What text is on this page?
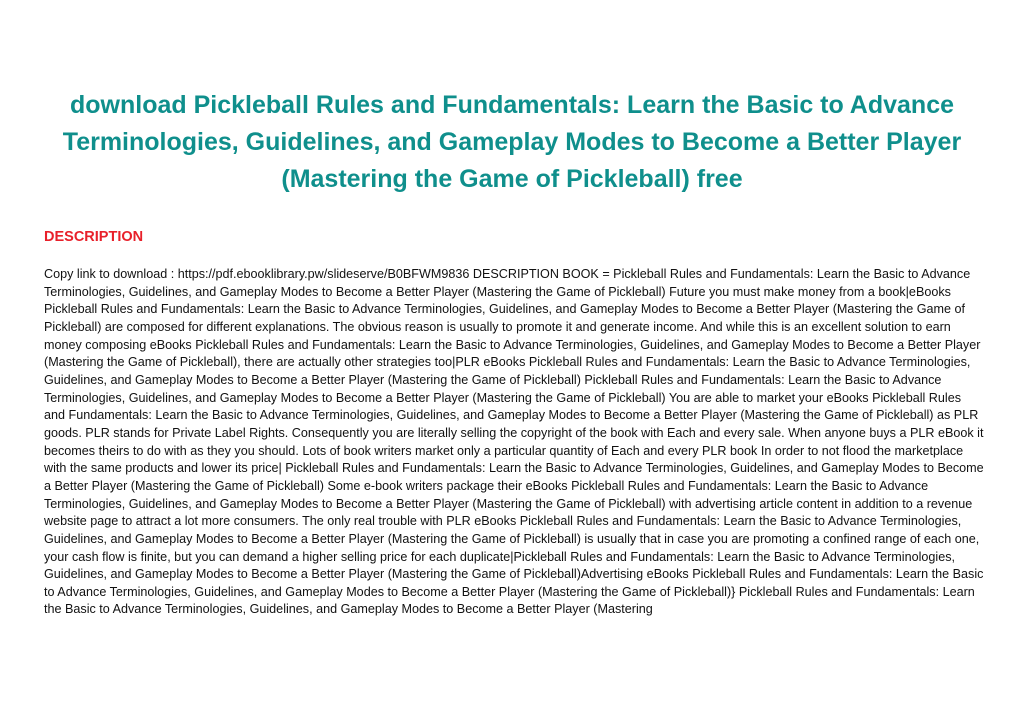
download Pickleball Rules and Fundamentals: Learn the Basic to Advance Terminologies, Guidelines, and Gameplay Modes to Become a Better Player (Mastering the Game of Pickleball) free
DESCRIPTION

Copy link to download : https://pdf.ebooklibrary.pw/slideserve/B0BFWM9836 DESCRIPTION BOOK = Pickleball Rules and Fundamentals: Learn the Basic to Advance Terminologies, Guidelines, and Gameplay Modes to Become a Better Player (Mastering the Game of Pickleball) Future you must make money from a book|eBooks Pickleball Rules and Fundamentals: Learn the Basic to Advance Terminologies, Guidelines, and Gameplay Modes to Become a Better Player (Mastering the Game of Pickleball) are composed for different explanations. The obvious reason is usually to promote it and generate income. And while this is an excellent solution to earn money composing eBooks Pickleball Rules and Fundamentals: Learn the Basic to Advance Terminologies, Guidelines, and Gameplay Modes to Become a Better Player (Mastering the Game of Pickleball), there are actually other strategies too|PLR eBooks Pickleball Rules and Fundamentals: Learn the Basic to Advance Terminologies, Guidelines, and Gameplay Modes to Become a Better Player (Mastering the Game of Pickleball) Pickleball Rules and Fundamentals: Learn the Basic to Advance Terminologies, Guidelines, and Gameplay Modes to Become a Better Player (Mastering the Game of Pickleball) You are able to market your eBooks Pickleball Rules and Fundamentals: Learn the Basic to Advance Terminologies, Guidelines, and Gameplay Modes to Become a Better Player (Mastering the Game of Pickleball) as PLR goods. PLR stands for Private Label Rights. Consequently you are literally selling the copyright of the book with Each and every sale. When anyone buys a PLR eBook it becomes theirs to do with as they you should. Lots of book writers market only a particular quantity of Each and every PLR book In order to not flood the marketplace with the same products and lower its price| Pickleball Rules and Fundamentals: Learn the Basic to Advance Terminologies, Guidelines, and Gameplay Modes to Become a Better Player (Mastering the Game of Pickleball) Some e-book writers package their eBooks Pickleball Rules and Fundamentals: Learn the Basic to Advance Terminologies, Guidelines, and Gameplay Modes to Become a Better Player (Mastering the Game of Pickleball) with advertising article content in addition to a revenue website page to attract a lot more consumers. The only real trouble with PLR eBooks Pickleball Rules and Fundamentals: Learn the Basic to Advance Terminologies, Guidelines, and Gameplay Modes to Become a Better Player (Mastering the Game of Pickleball) is usually that in case you are promoting a confined range of each one, your cash flow is finite, but you can demand a higher selling price for each duplicate|Pickleball Rules and Fundamentals: Learn the Basic to Advance Terminologies, Guidelines, and Gameplay Modes to Become a Better Player (Mastering the Game of Pickleball)Advertising eBooks Pickleball Rules and Fundamentals: Learn the Basic to Advance Terminologies, Guidelines, and Gameplay Modes to Become a Better Player (Mastering the Game of Pickleball)} Pickleball Rules and Fundamentals: Learn the Basic to Advance Terminologies, Guidelines, and Gameplay Modes to Become a Better Player (Mastering
